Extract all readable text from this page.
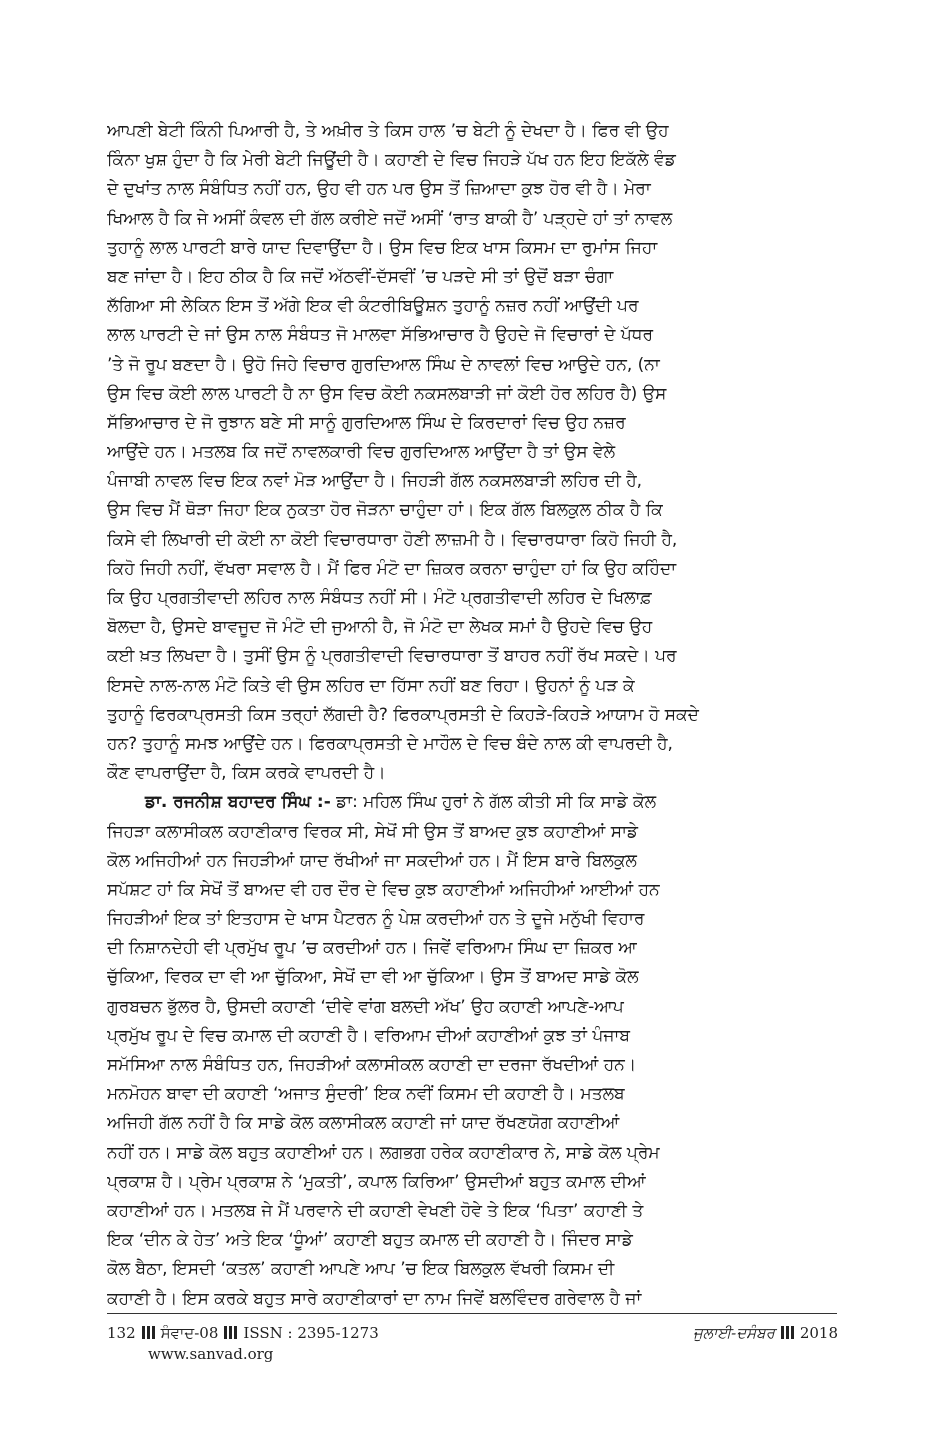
ਆਪਣੀ ਬੇਟੀ ਕਿੰਨੀ ਪਿਆਰੀ ਹੈ, ਤੇ ਅਖ਼ੀਰ ਤੇ ਕਿਸ ਹਾਲ ’ਚ ਬੇਟੀ ਨੂੰ ਦੇਖਦਾ ਹੈ। ਫਿਰ ਵੀ ਉਹ
ਕਿੰਨਾ ਖੁਸ਼ ਹੁੰਦਾ ਹੈ ਕਿ ਮੇਰੀ ਬੇਟੀ ਜਿਊਂਦੀ ਹੈ। ਕਹਾਣੀ ਦੇ ਵਿਚ ਜਿਹੜੇ ਪੱਖ ਹਨ ਇਹ ਇਕੱਲੇ ਵੰਡ
ਦੇ ਦੁਖਾਂਤ ਨਾਲ ਸੰਬੰਧਿਤ ਨਹੀਂ ਹਨ, ਉਹ ਵੀ ਹਨ ਪਰ ਉਸ ਤੋਂ ਜ਼ਿਆਦਾ ਕੁਝ ਹੋਰ ਵੀ ਹੈ। ਮੇਰਾ
ਖਿਆਲ ਹੈ ਕਿ ਜੇ ਅਸੀਂ ਕੰਵਲ ਦੀ ਗੱਲ ਕਰੀਏ ਜਦੋਂ ਅਸੀਂ ‘ਰਾਤ ਬਾਕੀ ਹੈ’ ਪੜ੍ਹਦੇ ਹਾਂ ਤਾਂ ਨਾਵਲ
ਤੁਹਾਨੂੰ ਲਾਲ ਪਾਰਟੀ ਬਾਰੇ ਯਾਦ ਦਿਵਾਉਂਦਾ ਹੈ। ਉਸ ਵਿਚ ਇਕ ਖਾਸ ਕਿਸਮ ਦਾ ਰੁਮਾਂਸ ਜਿਹਾ
ਬਣ ਜਾਂਦਾ ਹੈ। ਇਹ ਠੀਕ ਹੈ ਕਿ ਜਦੋਂ ਅੱਠਵੀਂ-ਦੱਸਵੀਂ ’ਚ ਪੜਦੇ ਸੀ ਤਾਂ ਉਦੋਂ ਬੜਾ ਚੰਗਾ
ਲੱਗਿਆ ਸੀ ਲੇਕਿਨ ਇਸ ਤੋਂ ਅੱਗੇ ਇਕ ਵੀ ਕੰਟਰੀਬਿਊਸ਼ਨ ਤੁਹਾਨੂੰ ਨਜ਼ਰ ਨਹੀਂ ਆਉਂਦੀ ਪਰ
ਲਾਲ ਪਾਰਟੀ ਦੇ ਜਾਂ ਉਸ ਨਾਲ ਸੰਬੰਧਤ ਜੋ ਮਾਲਵਾ ਸੱਭਿਆਚਾਰ ਹੈ ਉਹਦੇ ਜੋ ਵਿਚਾਰਾਂ ਦੇ ਪੱਧਰ
’ਤੇ ਜੋ ਰੂਪ ਬਣਦਾ ਹੈ। ਉਹੋ ਜਿਹੇ ਵਿਚਾਰ ਗੁਰਦਿਆਲ ਸਿੰਘ ਦੇ ਨਾਵਲਾਂ ਵਿਚ ਆਉਦੇ ਹਨ, (ਨਾ
ਉਸ ਵਿਚ ਕੋਈ ਲਾਲ ਪਾਰਟੀ ਹੈ ਨਾ ਉਸ ਵਿਚ ਕੋਈ ਨਕਸਲਬਾੜੀ ਜਾਂ ਕੋਈ ਹੋਰ ਲਹਿਰ ਹੈ) ਉਸ
ਸੱਭਿਆਚਾਰ ਦੇ ਜੋ ਰੁਝਾਨ ਬਣੇ ਸੀ ਸਾਨੂੰ ਗੁਰਦਿਆਲ ਸਿੰਘ ਦੇ ਕਿਰਦਾਰਾਂ ਵਿਚ ਉਹ ਨਜ਼ਰ
ਆਉਂਦੇ ਹਨ। ਮਤਲਬ ਕਿ ਜਦੋਂ ਨਾਵਲਕਾਰੀ ਵਿਚ ਗੁਰਦਿਆਲ ਆਉਂਦਾ ਹੈ ਤਾਂ ਉਸ ਵੇਲੇ
ਪੰਜਾਬੀ ਨਾਵਲ ਵਿਚ ਇਕ ਨਵਾਂ ਮੋੜ ਆਉਂਦਾ ਹੈ। ਜਿਹੜੀ ਗੱਲ ਨਕਸਲਬਾੜੀ ਲਹਿਰ ਦੀ ਹੈ,
ਉਸ ਵਿਚ ਮੈਂ ਥੋੜਾ ਜਿਹਾ ਇਕ ਨੁਕਤਾ ਹੋਰ ਜੋੜਨਾ ਚਾਹੁੰਦਾ ਹਾਂ। ਇਕ ਗੱਲ ਬਿਲਕੁਲ ਠੀਕ ਹੈ ਕਿ
ਕਿਸੇ ਵੀ ਲਿਖਾਰੀ ਦੀ ਕੋਈ ਨਾ ਕੋਈ ਵਿਚਾਰਧਾਰਾ ਹੋਣੀ ਲਾਜ਼ਮੀ ਹੈ। ਵਿਚਾਰਧਾਰਾ ਕਿਹੋ ਜਿਹੀ ਹੈ,
ਕਿਹੋ ਜਿਹੀ ਨਹੀਂ, ਵੱਖਰਾ ਸਵਾਲ ਹੈ। ਮੈਂ ਫਿਰ ਮੰਟੋ ਦਾ ਜ਼ਿਕਰ ਕਰਨਾ ਚਾਹੁੰਦਾ ਹਾਂ ਕਿ ਉਹ ਕਹਿੰਦਾ
ਕਿ ਉਹ ਪ੍ਰਗਤੀਵਾਦੀ ਲਹਿਰ ਨਾਲ ਸੰਬੰਧਤ ਨਹੀਂ ਸੀ। ਮੰਟੋ ਪ੍ਰਗਤੀਵਾਦੀ ਲਹਿਰ ਦੇ ਖਿਲਾਫ਼
ਬੋਲਦਾ ਹੈ, ਉਸਦੇ ਬਾਵਜੂਦ ਜੋ ਮੰਟੋ ਦੀ ਜੁਆਨੀ ਹੈ, ਜੋ ਮੰਟੋ ਦਾ ਲੇਖਕ ਸਮਾਂ ਹੈ ਉਹਦੇ ਵਿਚ ਉਹ
ਕਈ ਖ਼ਤ ਲਿਖਦਾ ਹੈ। ਤੁਸੀਂ ਉਸ ਨੂੰ ਪ੍ਰਗਤੀਵਾਦੀ ਵਿਚਾਰਧਾਰਾ ਤੋਂ ਬਾਹਰ ਨਹੀਂ ਰੱਖ ਸਕਦੇ। ਪਰ
ਇਸਦੇ ਨਾਲ-ਨਾਲ ਮੰਟੋ ਕਿਤੇ ਵੀ ਉਸ ਲਹਿਰ ਦਾ ਹਿੱਸਾ ਨਹੀਂ ਬਣ ਰਿਹਾ। ਉਹਨਾਂ ਨੂੰ ਪੜ ਕੇ
ਤੁਹਾਨੂੰ ਫਿਰਕਾਪ੍ਰਸਤੀ ਕਿਸ ਤਰ੍ਹਾਂ ਲੱਗਦੀ ਹੈ? ਫਿਰਕਾਪ੍ਰਸਤੀ ਦੇ ਕਿਹੜੇ-ਕਿਹੜੇ ਆਯਾਮ ਹੋ ਸਕਦੇ
ਹਨ? ਤੁਹਾਨੂੰ ਸਮਝ ਆਉਂਦੇ ਹਨ। ਫਿਰਕਾਪ੍ਰਸਤੀ ਦੇ ਮਾਹੌਲ ਦੇ ਵਿਚ ਬੰਦੇ ਨਾਲ ਕੀ ਵਾਪਰਦੀ ਹੈ,
ਕੌਣ ਵਾਪਰਾਉਂਦਾ ਹੈ, ਕਿਸ ਕਰਕੇ ਵਾਪਰਦੀ ਹੈ।
ਡਾ. ਰਜਨੀਸ਼ ਬਹਾਦਰ ਸਿੰਘ :- ਡਾ: ਮਹਿਲ ਸਿੰਘ ਹੁਰਾਂ ਨੇ ਗੱਲ ਕੀਤੀ ਸੀ ਕਿ ਸਾਡੇ ਕੋਲ
ਜਿਹੜਾ ਕਲਾਸੀਕਲ ਕਹਾਣੀਕਾਰ ਵਿਰਕ ਸੀ, ਸੇਖੋਂ ਸੀ ਉਸ ਤੋਂ ਬਾਅਦ ਕੁਝ ਕਹਾਣੀਆਂ ਸਾਡੇ
ਕੋਲ ਅਜਿਹੀਆਂ ਹਨ ਜਿਹੜੀਆਂ ਯਾਦ ਰੱਖੀਆਂ ਜਾ ਸਕਦੀਆਂ ਹਨ। ਮੈਂ ਇਸ ਬਾਰੇ ਬਿਲਕੁਲ
ਸਪੱਸ਼ਟ ਹਾਂ ਕਿ ਸੇਖੋਂ ਤੋਂ ਬਾਅਦ ਵੀ ਹਰ ਦੌਰ ਦੇ ਵਿਚ ਕੁਝ ਕਹਾਣੀਆਂ ਅਜਿਹੀਆਂ ਆਈਆਂ ਹਨ
ਜਿਹੜੀਆਂ ਇਕ ਤਾਂ ਇਤਹਾਸ ਦੇ ਖਾਸ ਪੈਟਰਨ ਨੂੰ ਪੇਸ਼ ਕਰਦੀਆਂ ਹਨ ਤੇ ਦੂਜੇ ਮਨੁੱਖੀ ਵਿਹਾਰ
ਦੀ ਨਿਸ਼ਾਨਦੇਹੀ ਵੀ ਪ੍ਰਮੁੱਖ ਰੂਪ ’ਚ ਕਰਦੀਆਂ ਹਨ। ਜਿਵੇਂ ਵਰਿਆਮ ਸਿੰਘ ਦਾ ਜ਼ਿਕਰ ਆ
ਚੁੱਕਿਆ, ਵਿਰਕ ਦਾ ਵੀ ਆ ਚੁੱਕਿਆ, ਸੇਖੋਂ ਦਾ ਵੀ ਆ ਚੁੱਕਿਆ। ਉਸ ਤੋਂ ਬਾਅਦ ਸਾਡੇ ਕੋਲ
ਗੁਰਬਚਨ ਭੁੱਲਰ ਹੈ, ਉਸਦੀ ਕਹਾਣੀ ‘ਦੀਵੇ ਵਾਂਗ ਬਲਦੀ ਅੱਖ’ ਉਹ ਕਹਾਣੀ ਆਪਣੇ-ਆਪ
ਪ੍ਰਮੁੱਖ ਰੂਪ ਦੇ ਵਿਚ ਕਮਾਲ ਦੀ ਕਹਾਣੀ ਹੈ। ਵਰਿਆਮ ਦੀਆਂ ਕਹਾਣੀਆਂ ਕੁਝ ਤਾਂ ਪੰਜਾਬ
ਸਮੱਸਿਆ ਨਾਲ ਸੰਬੰਧਿਤ ਹਨ, ਜਿਹੜੀਆਂ ਕਲਾਸੀਕਲ ਕਹਾਣੀ ਦਾ ਦਰਜਾ ਰੱਖਦੀਆਂ ਹਨ।
ਮਨਮੋਹਨ ਬਾਵਾ ਦੀ ਕਹਾਣੀ ‘ਅਜਾਤ ਸੁੰਦਰੀ’ ਇਕ ਨਵੀਂ ਕਿਸਮ ਦੀ ਕਹਾਣੀ ਹੈ। ਮਤਲਬ
ਅਜਿਹੀ ਗੱਲ ਨਹੀਂ ਹੈ ਕਿ ਸਾਡੇ ਕੋਲ ਕਲਾਸੀਕਲ ਕਹਾਣੀ ਜਾਂ ਯਾਦ ਰੱਖਣਯੋਗ ਕਹਾਣੀਆਂ
ਨਹੀਂ ਹਨ। ਸਾਡੇ ਕੋਲ ਬਹੁਤ ਕਹਾਣੀਆਂ ਹਨ। ਲਗਭਗ ਹਰੇਕ ਕਹਾਣੀਕਾਰ ਨੇ, ਸਾਡੇ ਕੋਲ ਪ੍ਰੇਮ
ਪ੍ਰਕਾਸ਼ ਹੈ। ਪ੍ਰੇਮ ਪ੍ਰਕਾਸ਼ ਨੇ ‘ਮੁਕਤੀ’, ਕਪਾਲ ਕਿਰਿਆ’ ਉਸਦੀਆਂ ਬਹੁਤ ਕਮਾਲ ਦੀਆਂ
ਕਹਾਣੀਆਂ ਹਨ। ਮਤਲਬ ਜੇ ਮੈਂ ਪਰਵਾਨੇ ਦੀ ਕਹਾਣੀ ਵੇਖਣੀ ਹੋਵੇ ਤੇ ਇਕ ‘ਪਿਤਾ’ ਕਹਾਣੀ ਤੇ
ਇਕ ‘ਦੀਨ ਕੇ ਹੇਤ’ ਅਤੇ ਇਕ ‘ਧੂੰਆਂ’ ਕਹਾਣੀ ਬਹੁਤ ਕਮਾਲ ਦੀ ਕਹਾਣੀ ਹੈ। ਜਿੰਦਰ ਸਾਡੇ
ਕੋਲ ਬੈਠਾ, ਇਸਦੀ ‘ਕਤਲ’ ਕਹਾਣੀ ਆਪਣੇ ਆਪ ’ਚ ਇਕ ਬਿਲਕੁਲ ਵੱਖਰੀ ਕਿਸਮ ਦੀ
ਕਹਾਣੀ ਹੈ। ਇਸ ਕਰਕੇ ਬਹੁਤ ਸਾਰੇ ਕਹਾਣੀਕਾਰਾਂ ਦਾ ਨਾਮ ਜਿਵੇਂ ਬਲਵਿੰਦਰ ਗਰੇਵਾਲ ਹੈ ਜਾਂ
132 ਸੰਵਾਦ-08 ISSN : 2395-1273
www.sanvad.org
ਜੁਲਾਈ-ਦਸੰਬਰ 2018
